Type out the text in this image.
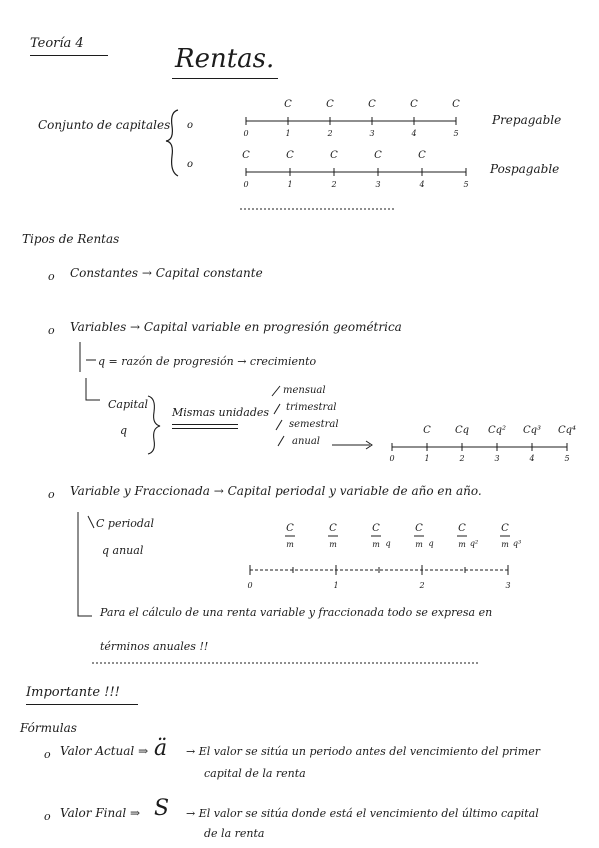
Teoría 4
Rentas.
Conjunto de capitales	Prepagable
Pospagable
Tipos de Rentas
o Constantes → Capital constante
o Variables → Capital variable en progresión geométrica
q = razón de progresión → crecimiento
Capital
q
Mismas unidades
mensual
trimestral
semestral
anual
o Variable y Fraccionada → Capital periodal y variable de año en año.
C periodal
q anual
Para el cálculo de una renta variable y fraccionada todo se expresa en
términos anuales !!
Importante !!!
Fórmulas
o Valor Actual ⇒ ä → El valor se sitúa un periodo antes del vencimiento del primer
capital de la renta
o Valor Final ⇒ S → El valor se sitúa donde está el vencimiento del último capital
de la renta
o
o
0	1	2	3	4	5
C	C	C	C	C
0	1	2	3	4	5
C	C	C	C	C
0	1	2	3	4	5
C Cq Cq² Cq³ Cq⁴
0	1	2	3
C
m
C
m
C
m q
C
m q
C
m q²
C
m q³
